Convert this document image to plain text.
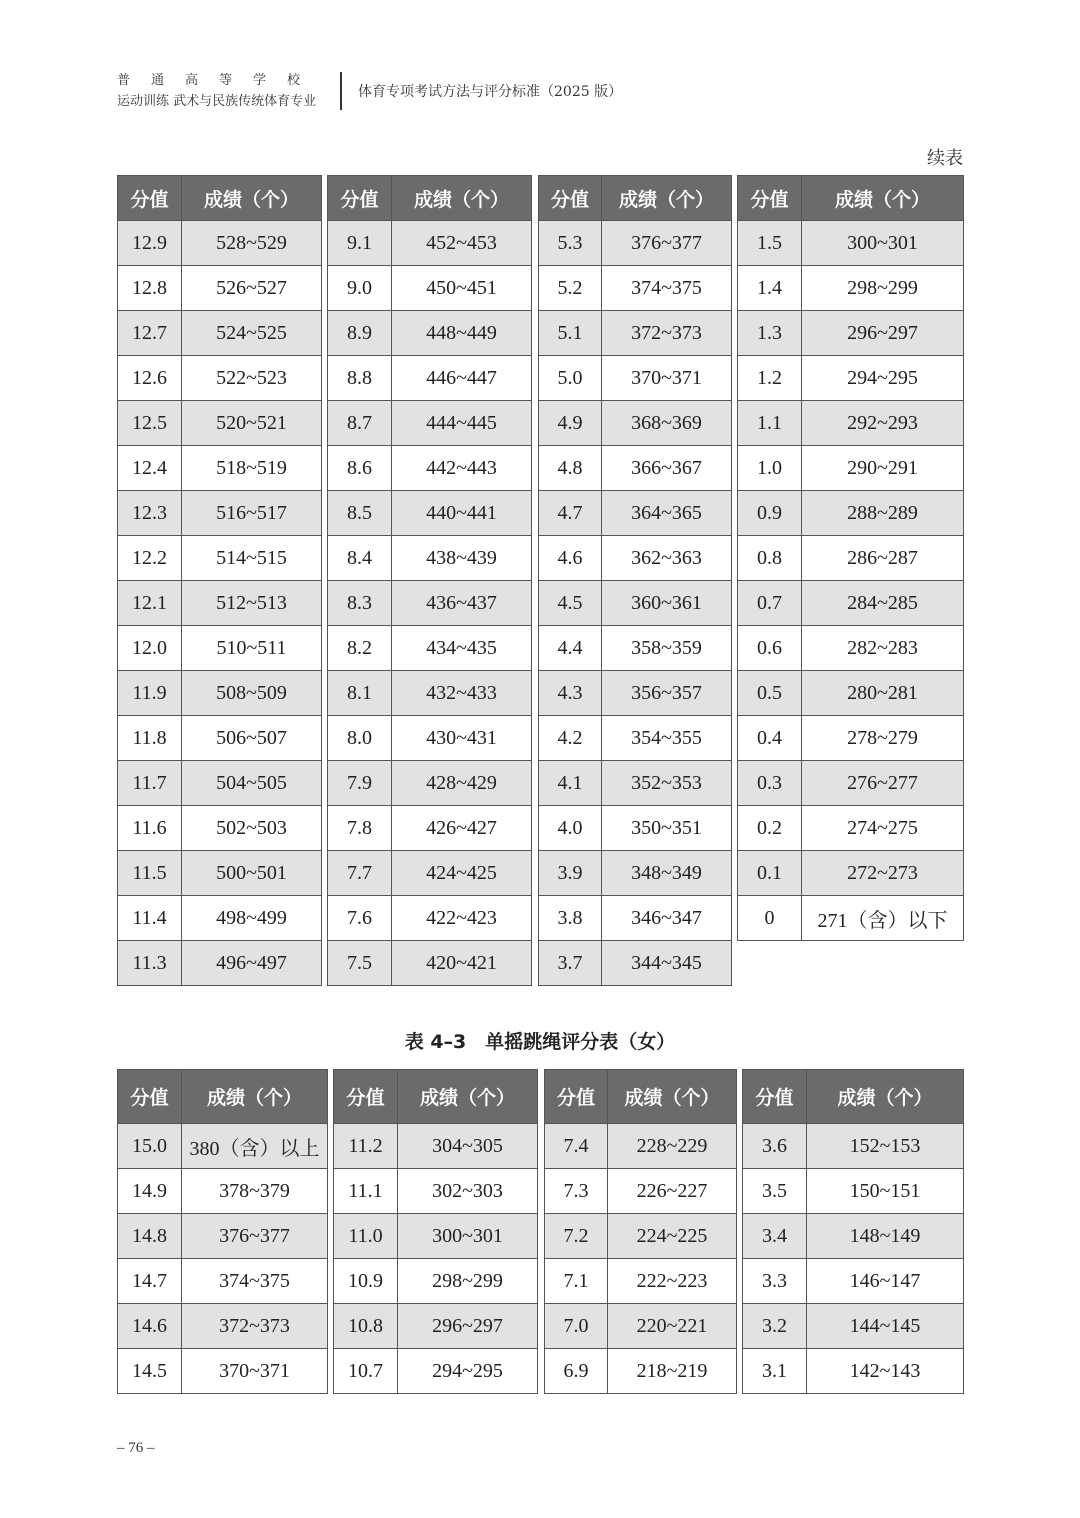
普通高等学校
运动训练 武术与民族传统体育专业
体育专项考试方法与评分标准（2025 版）
续表
分值	成绩（个）
12.9	528~529
12.8	526~527
12.7	524~525
12.6	522~523
12.5	520~521
12.4	518~519
12.3	516~517
12.2	514~515
12.1	512~513
12.0	510~511
11.9	508~509
11.8	506~507
11.7	504~505
11.6	502~503
11.5	500~501
11.4	498~499
11.3	496~497
分值	成绩（个）
9.1	452~453
9.0	450~451
8.9	448~449
8.8	446~447
8.7	444~445
8.6	442~443
8.5	440~441
8.4	438~439
8.3	436~437
8.2	434~435
8.1	432~433
8.0	430~431
7.9	428~429
7.8	426~427
7.7	424~425
7.6	422~423
7.5	420~421
分值	成绩（个）
5.3	376~377
5.2	374~375
5.1	372~373
5.0	370~371
4.9	368~369
4.8	366~367
4.7	364~365
4.6	362~363
4.5	360~361
4.4	358~359
4.3	356~357
4.2	354~355
4.1	352~353
4.0	350~351
3.9	348~349
3.8	346~347
3.7	344~345
分值	成绩（个）
1.5	300~301
1.4	298~299
1.3	296~297
1.2	294~295
1.1	292~293
1.0	290~291
0.9	288~289
0.8	286~287
0.7	284~285
0.6	282~283
0.5	280~281
0.4	278~279
0.3	276~277
0.2	274~275
0.1	272~273
0	271（含）以下
表 4–3　单摇跳绳评分表（女）
分值	成绩（个）
15.0	380（含）以上
14.9	378~379
14.8	376~377
14.7	374~375
14.6	372~373
14.5	370~371
分值	成绩（个）
11.2	304~305
11.1	302~303
11.0	300~301
10.9	298~299
10.8	296~297
10.7	294~295
分值	成绩（个）
7.4	228~229
7.3	226~227
7.2	224~225
7.1	222~223
7.0	220~221
6.9	218~219
分值	成绩（个）
3.6	152~153
3.5	150~151
3.4	148~149
3.3	146~147
3.2	144~145
3.1	142~143
– 76 –
